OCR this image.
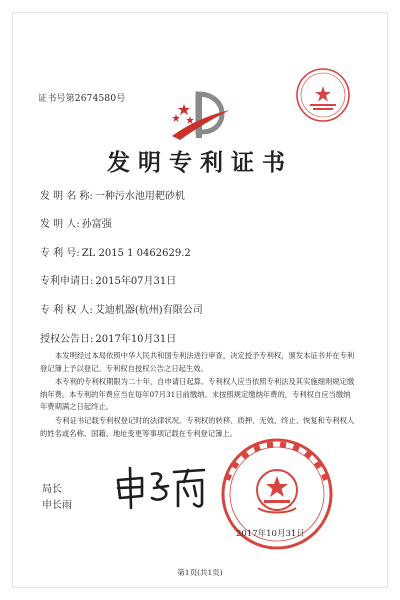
证书号第2674580号
发明专利证书
发 明 名 称: 一种污水池用耙砂机
发 明 人: 孙富强
专 利 号: ZL 2015 1 0462629.2
专利申请日: 2015年07月31日
专 利 权 人: 艾迪机器(杭州)有限公司
授权公告日: 2017年10月31日
本发明经过本局依照中华人民共和国专利法进行审查，决定授予专利权，颁发本证书并在专利登记簿上予以登记。专利权自授权公告之日起生效。
本专利的专利权期限为二十年，自申请日起算。专利权人应当依照专利法及其实施细则规定缴纳年费。本专利的年费应当在每年07月31日前缴纳。未按照规定缴纳年费的，专利权自应当缴纳年费期满之日起终止。
专利证书记载专利权登记时的法律状况。专利权的转移、质押、无效、终止、恢复和专利权人的姓名或名称、国籍、地址变更等事项记载在专利登记簿上。
局长
申长雨
2017年10月31日
第1页(共1页)
